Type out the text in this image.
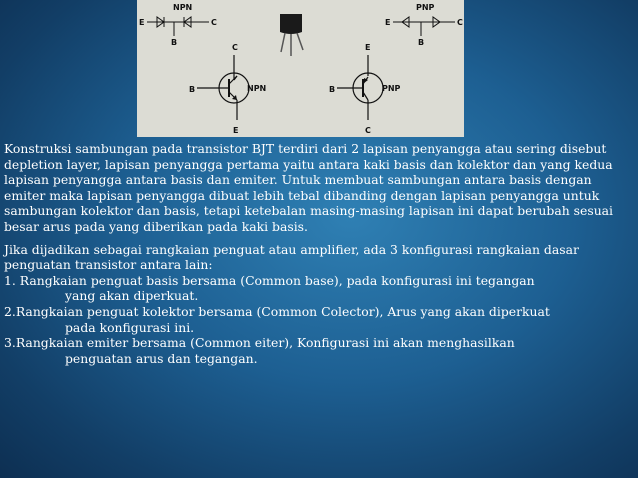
NPN
E	C
B
PNP
E	C
B
C
B
E
NPN
E
B
C
PNP

Konstruksi sambungan pada transistor BJT terdiri dari 2 lapisan penyangga atau sering disebut depletion layer, lapisan penyangga pertama yaitu antara kaki basis dan kolektor dan yang kedua lapisan penyangga antara basis dan emiter. Untuk membuat sambungan antara basis dengan emiter maka lapisan penyangga dibuat lebih tebal dibanding dengan lapisan penyangga untuk sambungan kolektor dan basis, tetapi ketebalan masing-masing lapisan ini dapat berubah sesuai besar arus pada yang diberikan pada kaki basis.

Jika dijadikan sebagai rangkaian penguat atau amplifier, ada 3 konfigurasi rangkaian dasar penguatan transistor antara lain:

1. Rangkaian penguat basis bersama (Common base), pada konfigurasi ini tegangan
yang akan diperkuat.

2.Rangkaian penguat kolektor bersama (Common Colector), Arus yang akan diperkuat
pada konfigurasi ini.

3.Rangkaian emiter bersama (Common eiter), Konfigurasi ini akan menghasilkan
penguatan arus dan tegangan.
